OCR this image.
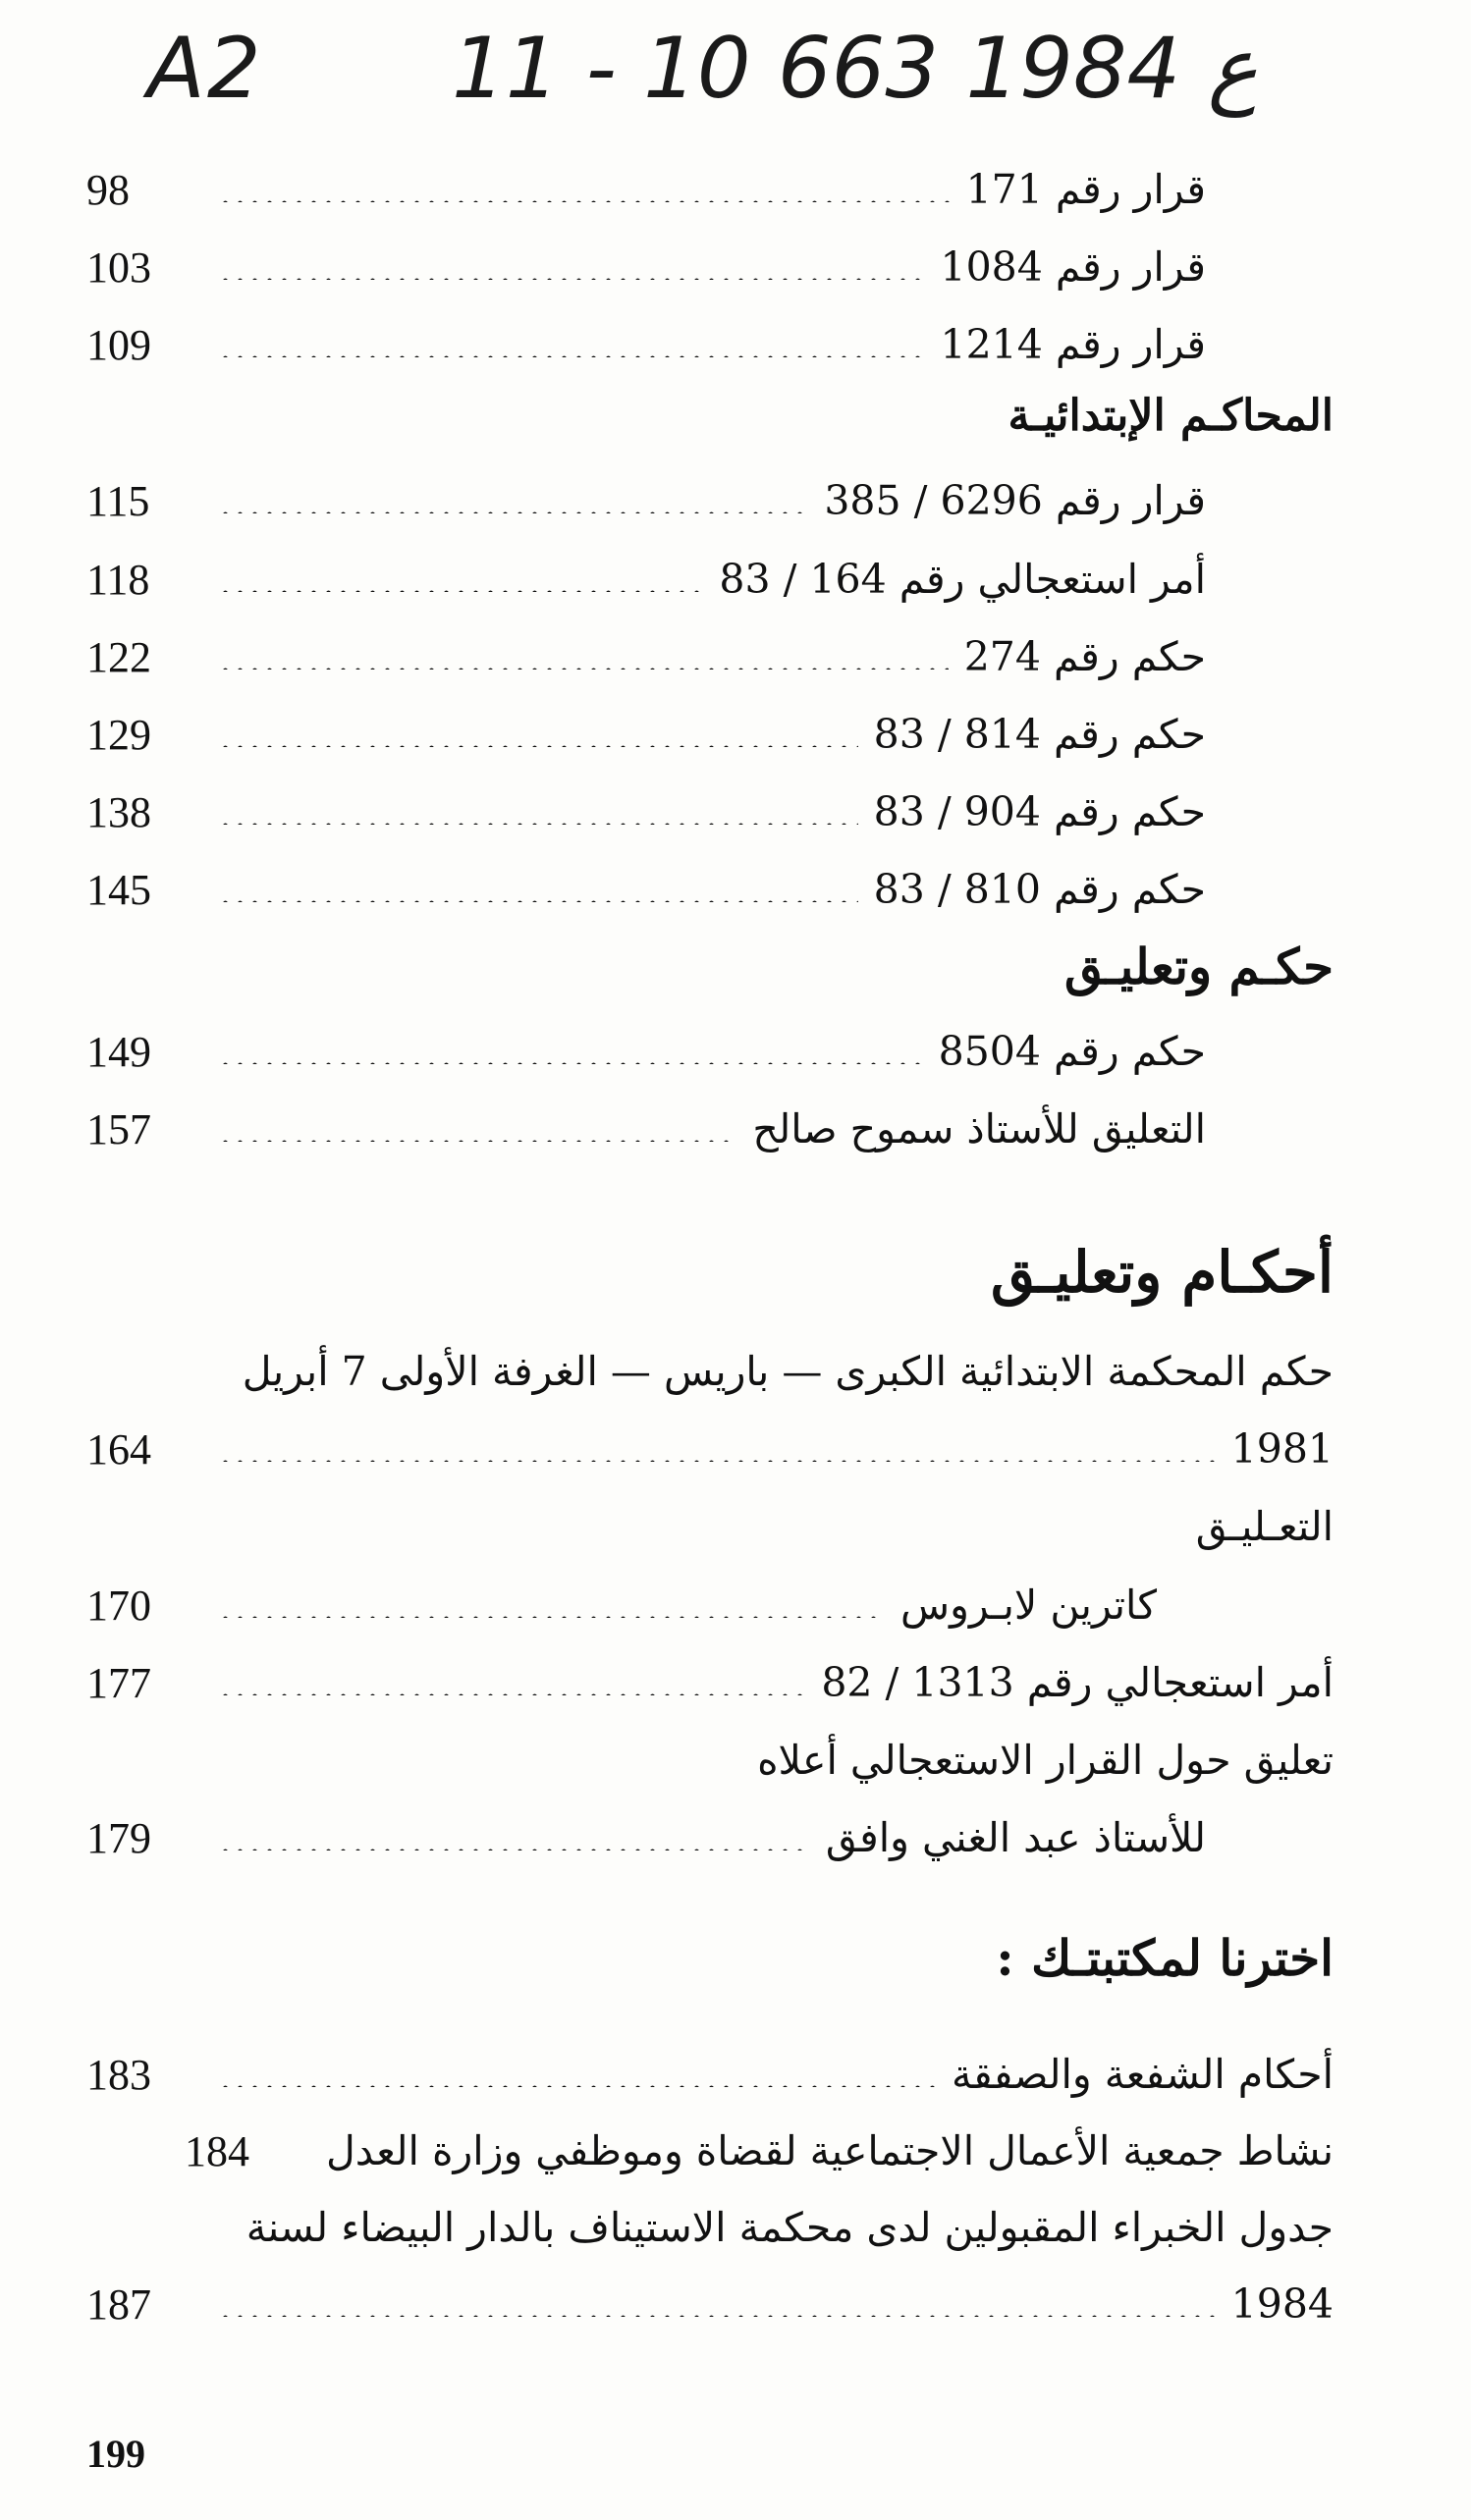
A2 11 - 10 ع 1984 663
قرار رقم 171
98
قرار رقم 1084
103
قرار رقم 1214
109
المحاكـم الإبتدائيـة
قرار رقم 6296 / 385
115
أمر استعجالي رقم 164 / 83
118
حكم رقم 274
122
حكم رقم 814 / 83
129
حكم رقم 904 / 83
138
حكم رقم 810 / 83
145
حكـم وتعليـق
حكم رقم 8504
149
التعليق للأستاذ سموح صالح
157
أحكـام وتعليـق
حكم المحكمة الابتدائية الكبرى — باريس — الغرفة الأولى 7 أبريل
1981
164
التعـليـق
كاترين لابـروس
170
أمر استعجالي رقم 1313 / 82
177
تعليق حول القرار الاستعجالي أعلاه
للأستاذ عبد الغني وافق
179
اخترنا لمكتبتـك :
أحكام الشفعة والصفقة
183
نشاط جمعية الأعمال الاجتماعية لقضاة وموظفي وزارة العدل
184
جدول الخبراء المقبولين لدى محكمة الاستيناف بالدار البيضاء لسنة
1984
187
199
